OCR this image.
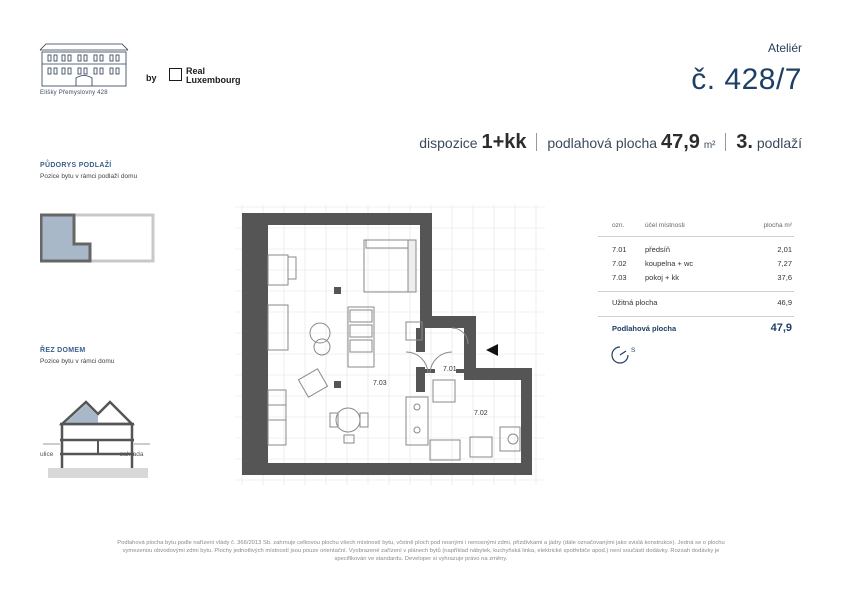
Elišky Přemyslovny 428
by
Real
Luxembourg
Ateliér
č. 428/7
dispozice 1+kk podlahová plocha 47,9 m² 3. podlaží
PŮDORYS PODLAŽÍ
Pozice bytu v rámci podlaží domu
ŘEZ DOMEM
Pozice bytu v rámci domu
ulice	zahrada
7.03
7.01
7.02
ozn.	účel místnosti	plocha m²
7.01 předsíň	2,01
7.02 koupelna + wc	7,27
7.03 pokoj + kk	37,6
Užitná plocha	46,9
Podlahová plocha	47,9
S
Podlahová plocha bytu podle nařízení vlády č. 366/2013 Sb. zahrnuje celkovou plochu všech místností bytu, včetně ploch pod nosnými i nenosnými zdmi, přizdívkami a jádry (dále označovanými jako svislá konstrukce). Jedná se o plochu
vymezenou obvodovými zdmi bytu. Plochy jednotlivých místností jsou pouze orientační. Vyobrazené zařízení v plánech bytů (například nábytek, kuchyňská linka, elektrické spotřebiče apod.) není součástí dodávky. Rozsah dodávky je
specifikován ve standardu. Developer si vyhrazuje právo na změny.
